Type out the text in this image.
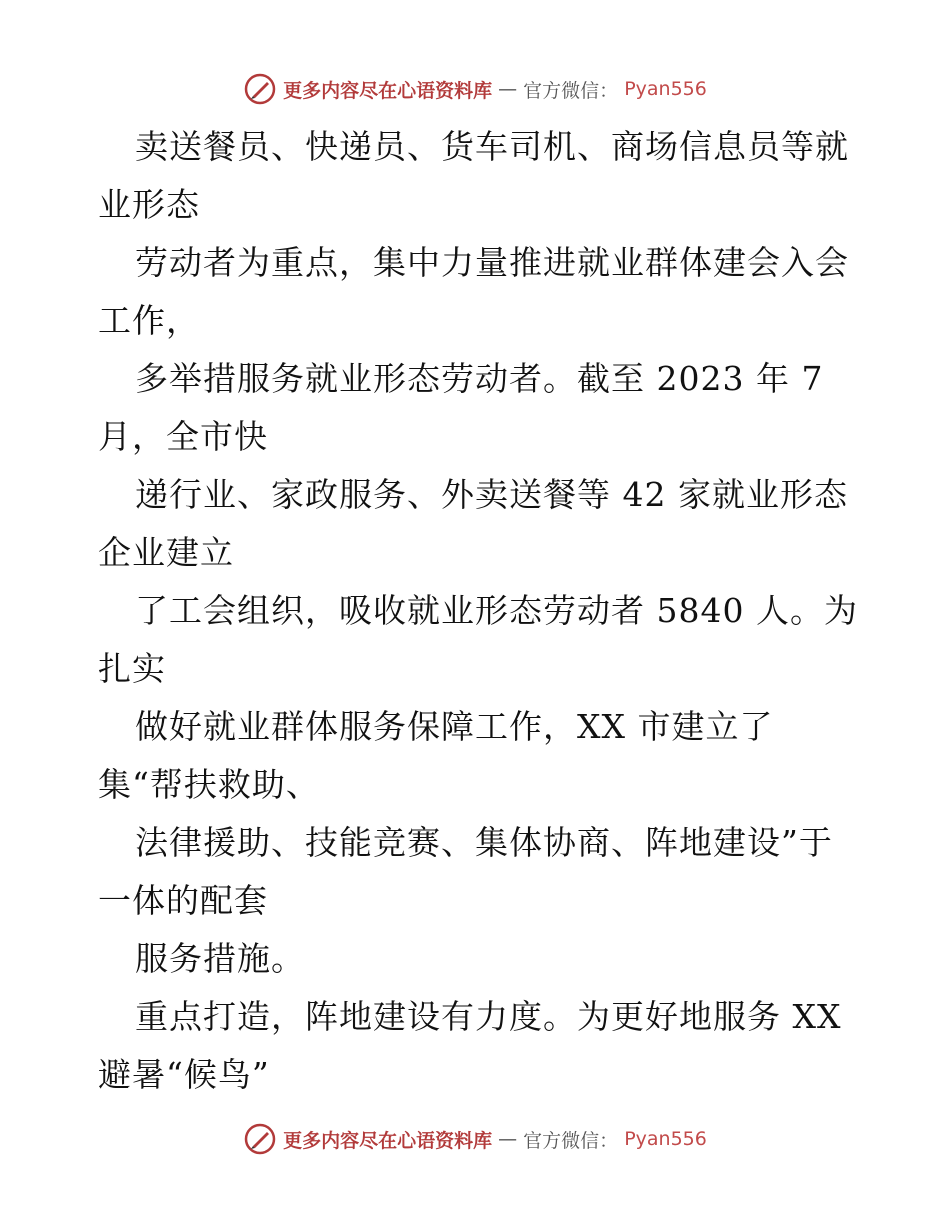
更多内容尽在心语资料库 — 官方微信： Pyan556
卖送餐员、快递员、货车司机、商场信息员等就
业形态
劳动者为重点，集中力量推进就业群体建会入会
工作，
多举措服务就业形态劳动者。截至 2023 年 7
月，全市快
递行业、家政服务、外卖送餐等 42 家就业形态
企业建立
了工会组织，吸收就业形态劳动者 5840 人。为
扎实
做好就业群体服务保障工作，XX 市建立了
集“帮扶救助、
法律援助、技能竞赛、集体协商、阵地建设”于
一体的配套
服务措施。
重点打造，阵地建设有力度。为更好地服务 XX
避暑“候鸟”
更多内容尽在心语资料库 — 官方微信： Pyan556
